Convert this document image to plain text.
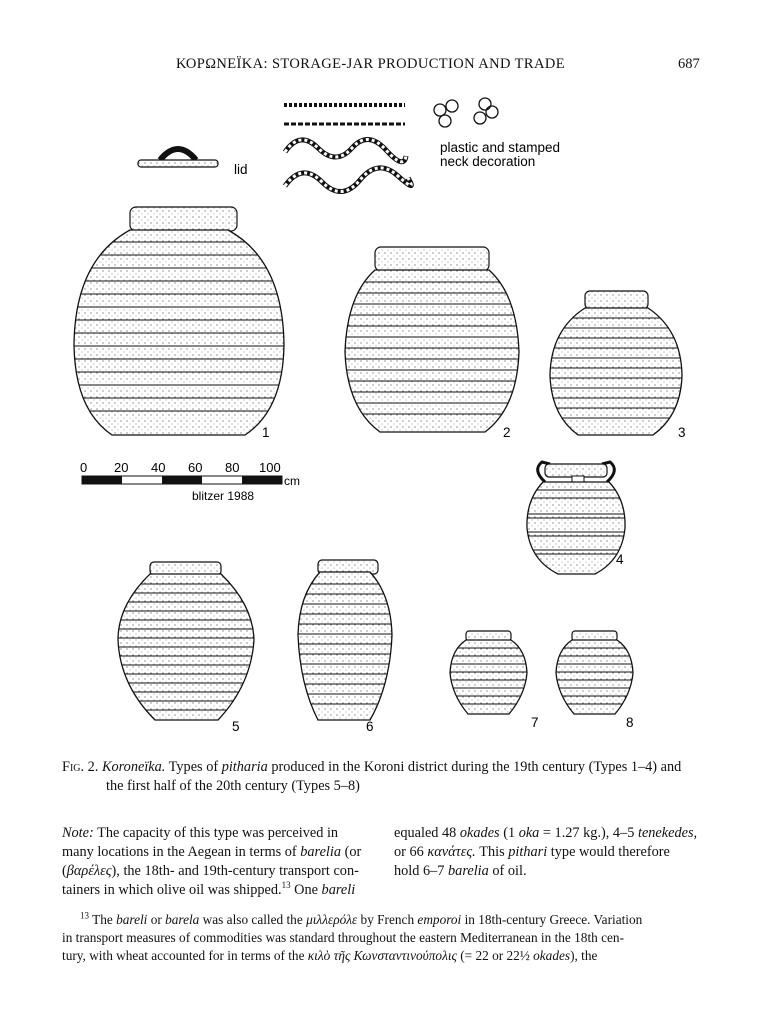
ΚΟΡΩΝΕΪΚΑ: STORAGE-JAR PRODUCTION AND TRADE	687
plastic and stamped
neck decoration
lid
1	2	3
0 20 40 60 80 100
cm
blitzer 1988
4
5	6	7	8
Fig. 2. Koroneïka. Types of pitharia produced in the Koroni district during the 19th century (Types 1–4) and
the first half of the 20th century (Types 5–8)
Note: The capacity of this type was perceived in
many locations in the Aegean in terms of barelia (or
(βαρέλες), the 18th- and 19th-century transport con-
tainers in which olive oil was shipped.$^{13}$ One bareli
equaled 48 okades (1 oka = 1.27 kg.), 4–5 tenekedes,
or 66 κανάτες. This pithari type would therefore
hold 6–7 barelia of oil.
$^{13}$ The bareli or barela was also called the μιλλερόλε by French emporoi in 18th-century Greece. Variation
in transport measures of commodities was standard throughout the eastern Mediterranean in the 18th cen-
tury, with wheat accounted for in terms of the κιλὸ τῆς Κωνσταντινούπολις (= 22 or 22½ okades), the
